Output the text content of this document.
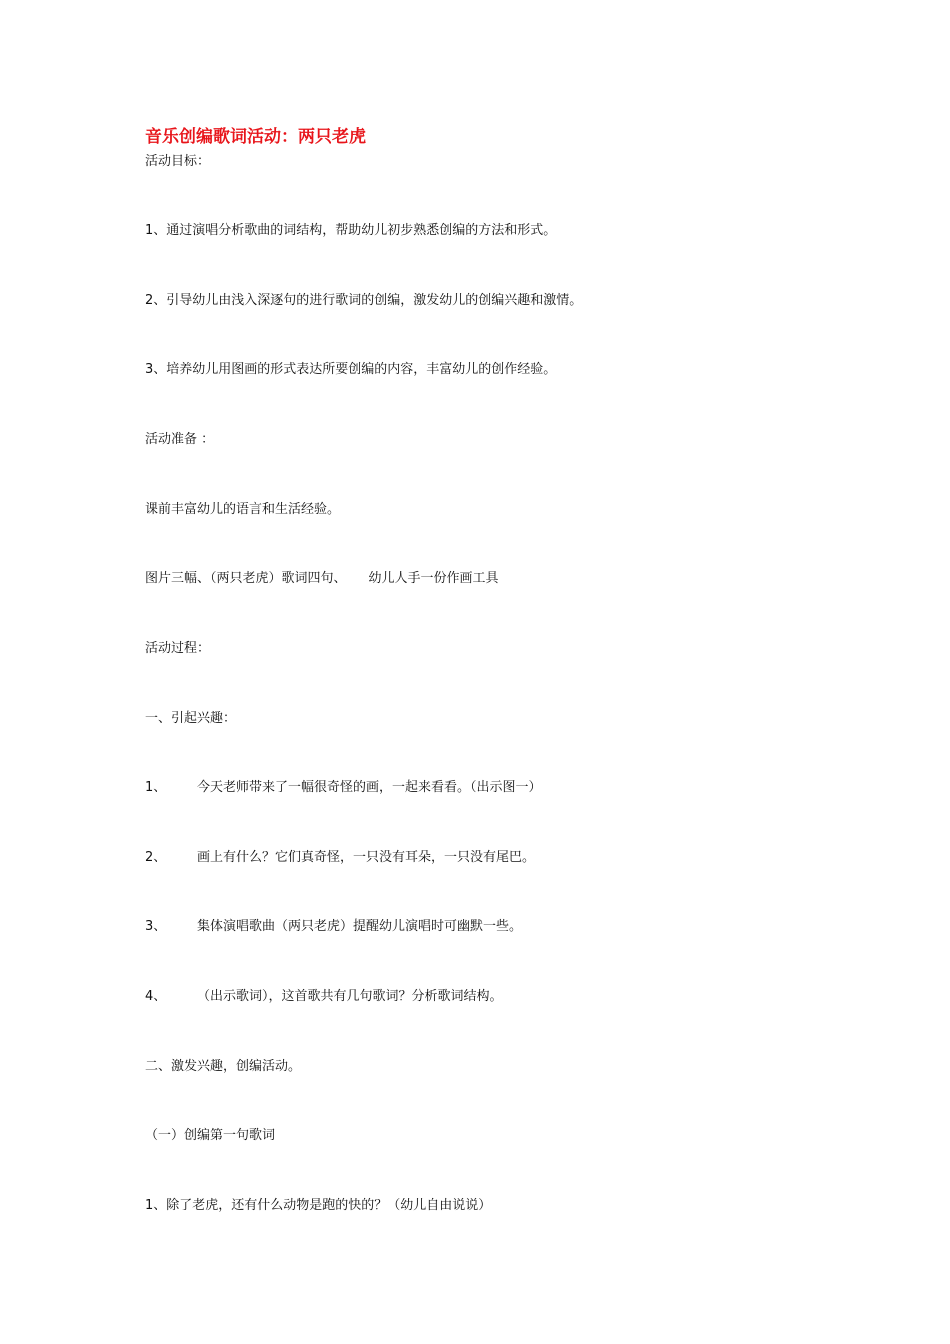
音乐创编歌词活动：两只老虎
活动目标：
1、通过演唱分析歌曲的词结构，帮助幼儿初步熟悉创编的方法和形式。
2、引导幼儿由浅入深逐句的进行歌词的创编，激发幼儿的创编兴趣和激情。
3、培养幼儿用图画的形式表达所要创编的内容，丰富幼儿的创作经验。
活动准备 ：
课前丰富幼儿的语言和生活经验。
图片三幅、（两只老虎）歌词四句、 幼儿人手一份作画工具
活动过程：
一、引起兴趣：
1、 今天老师带来了一幅很奇怪的画，一起来看看。（出示图一）
2、 画上有什么？它们真奇怪，一只没有耳朵，一只没有尾巴。
3、 集体演唱歌曲（两只老虎）提醒幼儿演唱时可幽默一些。
4、 （出示歌词），这首歌共有几句歌词？分析歌词结构。
二、激发兴趣，创编活动。
（一）创编第一句歌词
1、除了老虎，还有什么动物是跑的快的？（幼儿自由说说）
